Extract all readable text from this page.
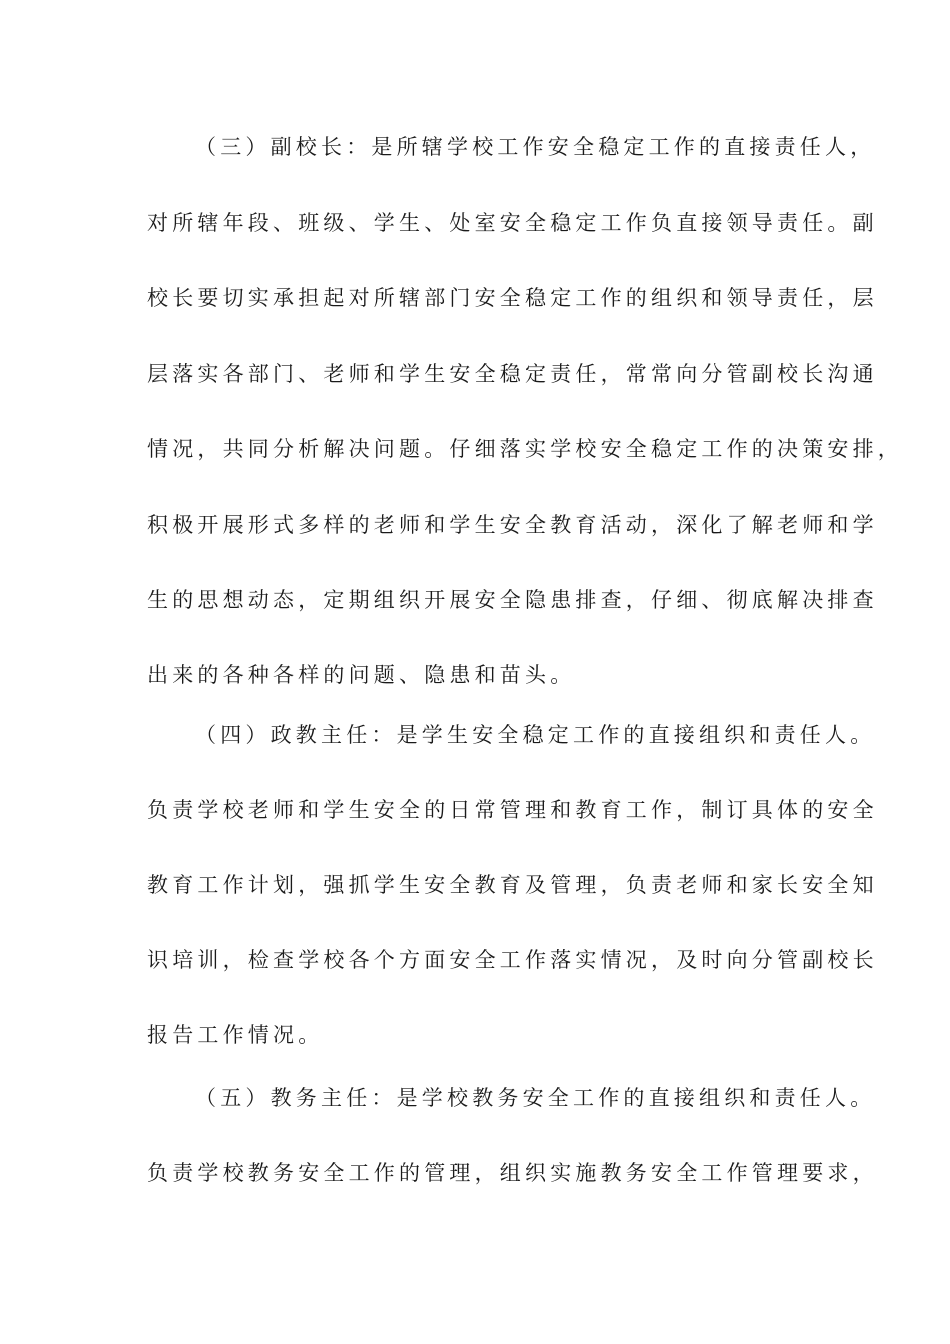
（三）副校长：是所辖学校工作安全稳定工作的直接责任人，
对所辖年段、班级、学生、处室安全稳定工作负直接领导责任。副
校长要切实承担起对所辖部门安全稳定工作的组织和领导责任，层
层落实各部门、老师和学生安全稳定责任，常常向分管副校长沟通
情况，共同分析解决问题。仔细落实学校安全稳定工作的决策安排，
积极开展形式多样的老师和学生安全教育活动，深化了解老师和学
生的思想动态，定期组织开展安全隐患排查，仔细、彻底解决排查
出来的各种各样的问题、隐患和苗头。
（四）政教主任：是学生安全稳定工作的直接组织和责任人。
负责学校老师和学生安全的日常管理和教育工作，制订具体的安全
教育工作计划，强抓学生安全教育及管理，负责老师和家长安全知
识培训，检查学校各个方面安全工作落实情况，及时向分管副校长
报告工作情况。
（五）教务主任：是学校教务安全工作的直接组织和责任人。
负责学校教务安全工作的管理，组织实施教务安全工作管理要求，
